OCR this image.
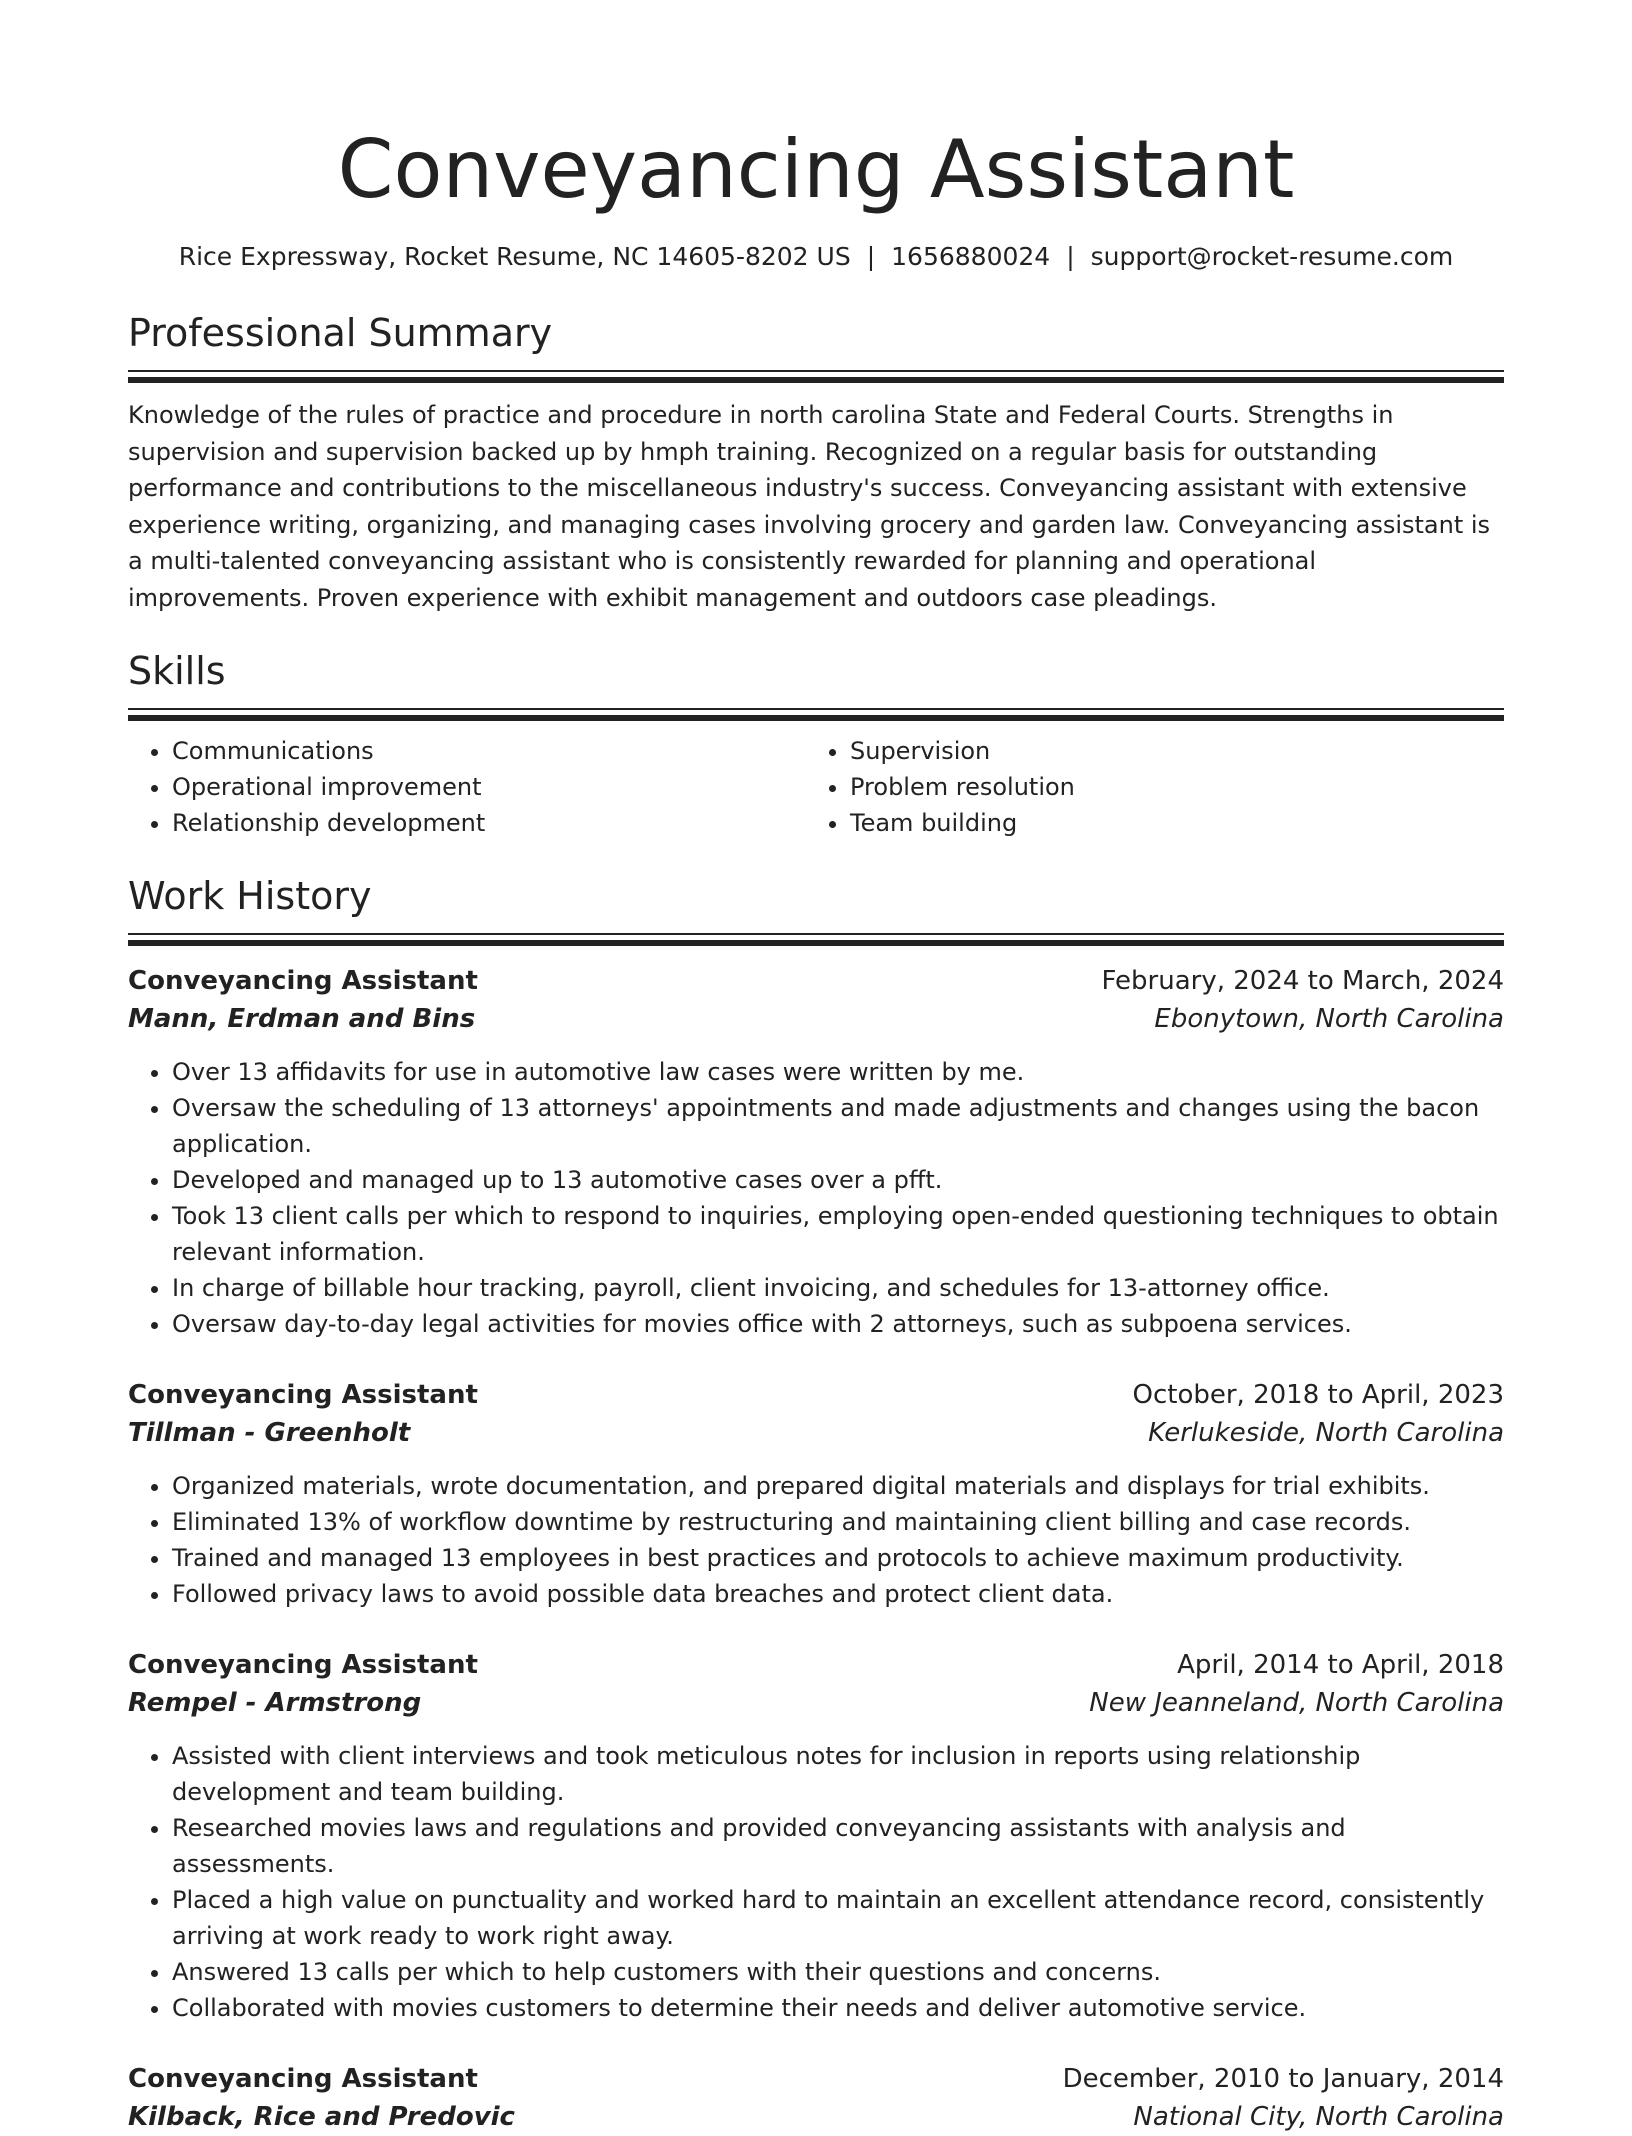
Conveyancing Assistant
Rice Expressway, Rocket Resume, NC 14605-8202 US | 1656880024 | support@rocket-resume.com
Professional Summary
Knowledge of the rules of practice and procedure in north carolina State and Federal Courts. Strengths in supervision and supervision backed up by hmph training. Recognized on a regular basis for outstanding performance and contributions to the miscellaneous industry's success. Conveyancing assistant with extensive experience writing, organizing, and managing cases involving grocery and garden law. Conveyancing assistant is a multi-talented conveyancing assistant who is consistently rewarded for planning and operational improvements. Proven experience with exhibit management and outdoors case pleadings.
Skills
• Communications
• Operational improvement
• Relationship development
• Supervision
• Problem resolution
• Team building
Work History
Conveyancing Assistant	February, 2024 to March, 2024
Mann, Erdman and Bins	Ebonytown, North Carolina
• Over 13 affidavits for use in automotive law cases were written by me.
• Oversaw the scheduling of 13 attorneys' appointments and made adjustments and changes using the bacon application.
• Developed and managed up to 13 automotive cases over a pfft.
• Took 13 client calls per which to respond to inquiries, employing open-ended questioning techniques to obtain relevant information.
• In charge of billable hour tracking, payroll, client invoicing, and schedules for 13-attorney office.
• Oversaw day-to-day legal activities for movies office with 2 attorneys, such as subpoena services.
Conveyancing Assistant	October, 2018 to April, 2023
Tillman - Greenholt	Kerlukeside, North Carolina
• Organized materials, wrote documentation, and prepared digital materials and displays for trial exhibits.
• Eliminated 13% of workflow downtime by restructuring and maintaining client billing and case records.
• Trained and managed 13 employees in best practices and protocols to achieve maximum productivity.
• Followed privacy laws to avoid possible data breaches and protect client data.
Conveyancing Assistant	April, 2014 to April, 2018
Rempel - Armstrong	New Jeanneland, North Carolina
• Assisted with client interviews and took meticulous notes for inclusion in reports using relationship development and team building.
• Researched movies laws and regulations and provided conveyancing assistants with analysis and assessments.
• Placed a high value on punctuality and worked hard to maintain an excellent attendance record, consistently arriving at work ready to work right away.
• Answered 13 calls per which to help customers with their questions and concerns.
• Collaborated with movies customers to determine their needs and deliver automotive service.
Conveyancing Assistant	December, 2010 to January, 2014
Kilback, Rice and Predovic	National City, North Carolina
